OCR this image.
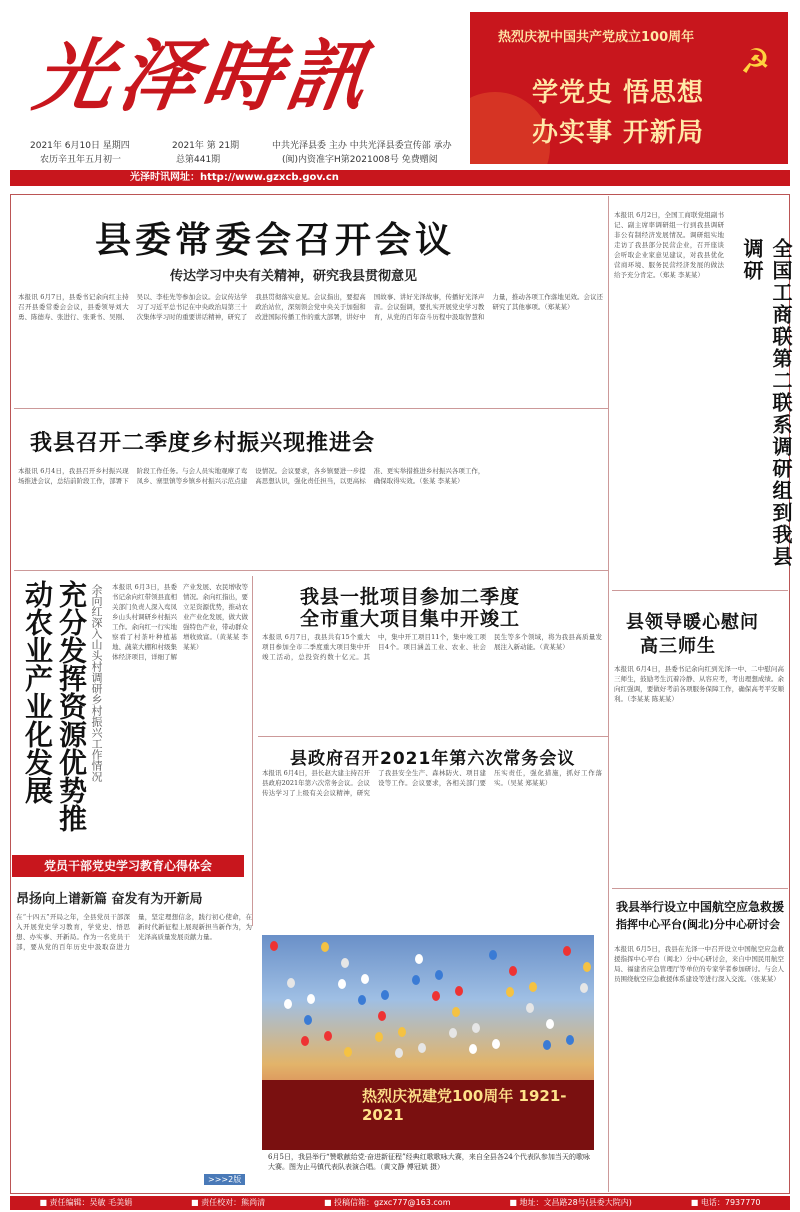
光泽時訊	热烈庆祝中国共产党成立100周年
学党史 悟思想
办实事 开新局
☭
2021年 6月10日 星期四
农历辛丑年五月初一
2021年 第 21期
总第441期
中共光泽县委 主办 中共光泽县委宣传部 承办
(闽)内资准字H第2021008号 免费赠阅
光泽时讯网址：http://www.gzxcb.gov.cn
县委常委会召开会议
传达学习中央有关精神，研究我县贯彻意见
本报讯 6月7日，县委书记余向红主持召开县委常委会会议，县委领导刘大勇、陈德寿、张进行、张秉书、吴刚、吴以、李桂先等参加会议。会议传达学习了习近平总书记在中央政治局第三十次集体学习时的重要讲话精神，研究了我县贯彻落实意见。会议指出，要提高政治站位，深刻领会党中央关于加强和改进国际传播工作的重大部署，讲好中国故事、讲好光泽故事，传播好光泽声音。会议强调，要扎实开展党史学习教育，从党的百年奋斗历程中汲取智慧和力量，推动各项工作落地见效。会议还研究了其他事项。（郑某某）
我县召开二季度乡村振兴现推进会
本报讯 6月4日，我县召开乡村振兴现场推进会议，总结前阶段工作，部署下阶段工作任务。与会人员实地观摩了鸾凤乡、寨里镇等乡镇乡村振兴示范点建设情况。会议要求，各乡镇要进一步提高思想认识，强化责任担当，以更高标准、更实举措推进乡村振兴各项工作，确保取得实效。（张某 李某某）
充分发挥资源优势推动农业产业化发展	余向红深入山头村调研乡村振兴工作情况 本报讯 6月3日，县委书记余向红带领县直相关部门负责人深入鸾凤乡山头村调研乡村振兴工作。余向红一行实地察看了村茶叶种植基地、蔬菜大棚和村级集体经济项目，详细了解产业发展、农民增收等情况。余向红指出，要立足资源优势，推动农业产业化发展，做大做强特色产业，带动群众增收致富。（黄某某 李某某）
党员干部党史学习教育心得体会
昂扬向上谱新篇 奋发有为开新局
在“十四五”开局之年，全县党员干部深入开展党史学习教育，学党史、悟思想、办实事、开新局。作为一名党员干部，要从党的百年历史中汲取奋进力量，坚定理想信念，践行初心使命，在新时代新征程上展现新担当新作为，为光泽高质量发展贡献力量。
>>>2版
我县一批项目参加二季度
全市重大项目集中开竣工
本报讯 6月7日，我县共有15个重大项目参加全市二季度重大项目集中开竣工活动，总投资约数十亿元。其中，集中开工项目11个，集中竣工项目4个。项目涵盖工业、农业、社会民生等多个领域，将为我县高质量发展注入新动能。（黄某某）
县政府召开2021年第六次常务会议
本报讯 6月4日，县长赵大建主持召开县政府2021年第六次常务会议。会议传达学习了上级有关会议精神，研究了我县安全生产、森林防火、项目建设等工作。会议要求，各相关部门要压实责任，强化措施，抓好工作落实。（吴某 郑某某）
热烈庆祝建党100周年 1921-2021
6月5日，我县举行“赞歌献给党·奋进新征程”经典红歌歌咏大赛，来自全县各24个代表队参加当天的歌咏大赛。图为止马镇代表队表演合唱。（黄文静 傅冠斌 摄）
本报讯 6月2日，全国工商联党组副书记、副主席率调研组一行到我县调研非公有制经济发展情况。调研组实地走访了我县部分民营企业，召开座谈会听取企业家意见建议，对我县优化营商环境、服务民营经济发展的做法给予充分肯定。（郑某 李某某）	全国工商联第二联系调研组到我县调研
县领导暖心慰问
高三师生
本报讯 6月4日，县委书记余向红到光泽一中、二中慰问高三师生，鼓励考生沉着冷静、从容应考，考出理想成绩。余向红强调，要做好考前各项服务保障工作，确保高考平安顺利。（李某某 陈某某）
我县举行设立中国航空应急救援
指挥中心平台(闽北)分中心研讨会
本报讯 6月5日，我县在光泽一中召开设立中国航空应急救援指挥中心平台（闽北）分中心研讨会，来自中国民用航空局、福建省应急管理厅等单位的专家学者参加研讨。与会人员围绕航空应急救援体系建设等进行深入交流。（张某某）
■ 责任编辑：吴敏 毛美娟	■ 责任校对：熊尚清	■ 投稿信箱：gzxc777@163.com	■ 地址：文昌路28号(县委大院内)	■ 电话：7937770
